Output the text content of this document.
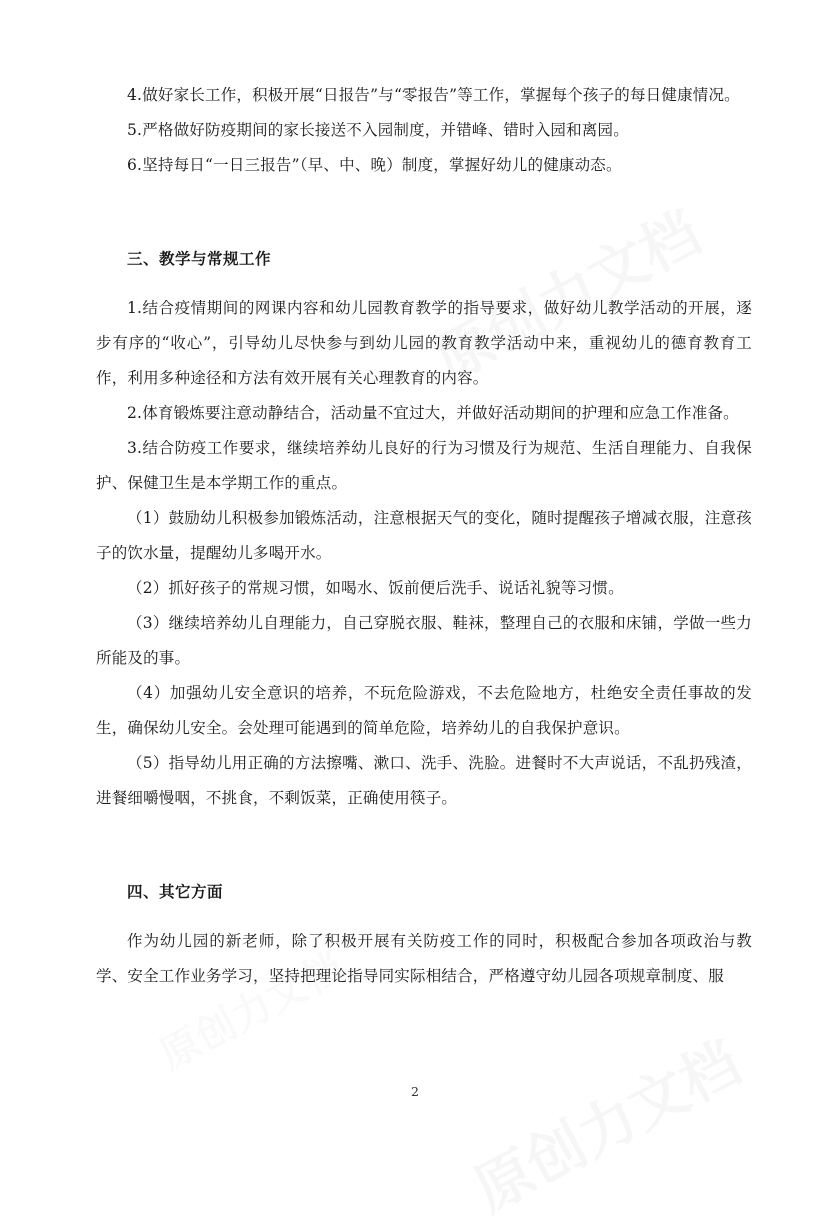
4.做好家长工作，积极开展“日报告”与“零报告”等工作，掌握每个孩子的每日健康情况。

5.严格做好防疫期间的家长接送不入园制度，并错峰、错时入园和离园。

6.坚持每日“一日三报告”（早、中、晚）制度，掌握好幼儿的健康动态。

三、教学与常规工作

1.结合疫情期间的网课内容和幼儿园教育教学的指导要求，做好幼儿教学活动的开展，逐步有序的“收心”，引导幼儿尽快参与到幼儿园的教育教学活动中来，重视幼儿的德育教育工作，利用多种途径和方法有效开展有关心理教育的内容。

2.体育锻炼要注意动静结合，活动量不宜过大，并做好活动期间的护理和应急工作准备。

3.结合防疫工作要求，继续培养幼儿良好的行为习惯及行为规范、生活自理能力、自我保护、保健卫生是本学期工作的重点。

（1）鼓励幼儿积极参加锻炼活动，注意根据天气的变化，随时提醒孩子增减衣服，注意孩子的饮水量，提醒幼儿多喝开水。

（2）抓好孩子的常规习惯，如喝水、饭前便后洗手、说话礼貌等习惯。

（3）继续培养幼儿自理能力，自己穿脱衣服、鞋袜，整理自己的衣服和床铺，学做一些力所能及的事。

（4）加强幼儿安全意识的培养，不玩危险游戏，不去危险地方，杜绝安全责任事故的发生，确保幼儿安全。会处理可能遇到的简单危险，培养幼儿的自我保护意识。

（5）指导幼儿用正确的方法擦嘴、漱口、洗手、洗脸。进餐时不大声说话，不乱扔残渣，进餐细嚼慢咽，不挑食，不剩饭菜，正确使用筷子。

四、其它方面

作为幼儿园的新老师，除了积极开展有关防疫工作的同时，积极配合参加各项政治与教学、安全工作业务学习，坚持把理论指导同实际相结合，严格遵守幼儿园各项规章制度、服

2
